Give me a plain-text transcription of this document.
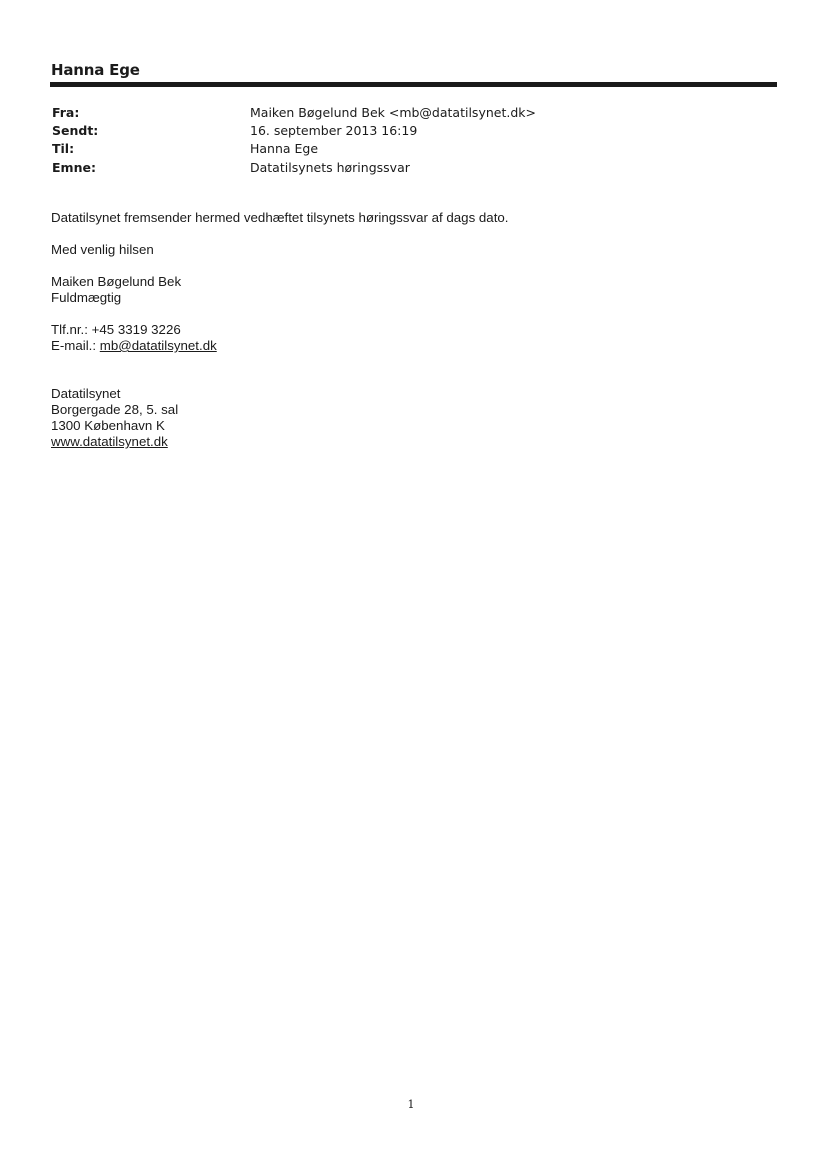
Hanna Ege
Fra:	Maiken Bøgelund Bek <mb@datatilsynet.dk>
Sendt:	16. september 2013 16:19
Til:	Hanna Ege
Emne:	Datatilsynets høringssvar

Datatilsynet fremsender hermed vedhæftet tilsynets høringssvar af dags dato.

Med venlig hilsen

Maiken Bøgelund Bek

Fuldmægtig

Tlf.nr.: +45 3319 3226

E-mail.: mb@datatilsynet.dk

Datatilsynet

Borgergade 28, 5. sal

1300 København K

www.datatilsynet.dk

1
